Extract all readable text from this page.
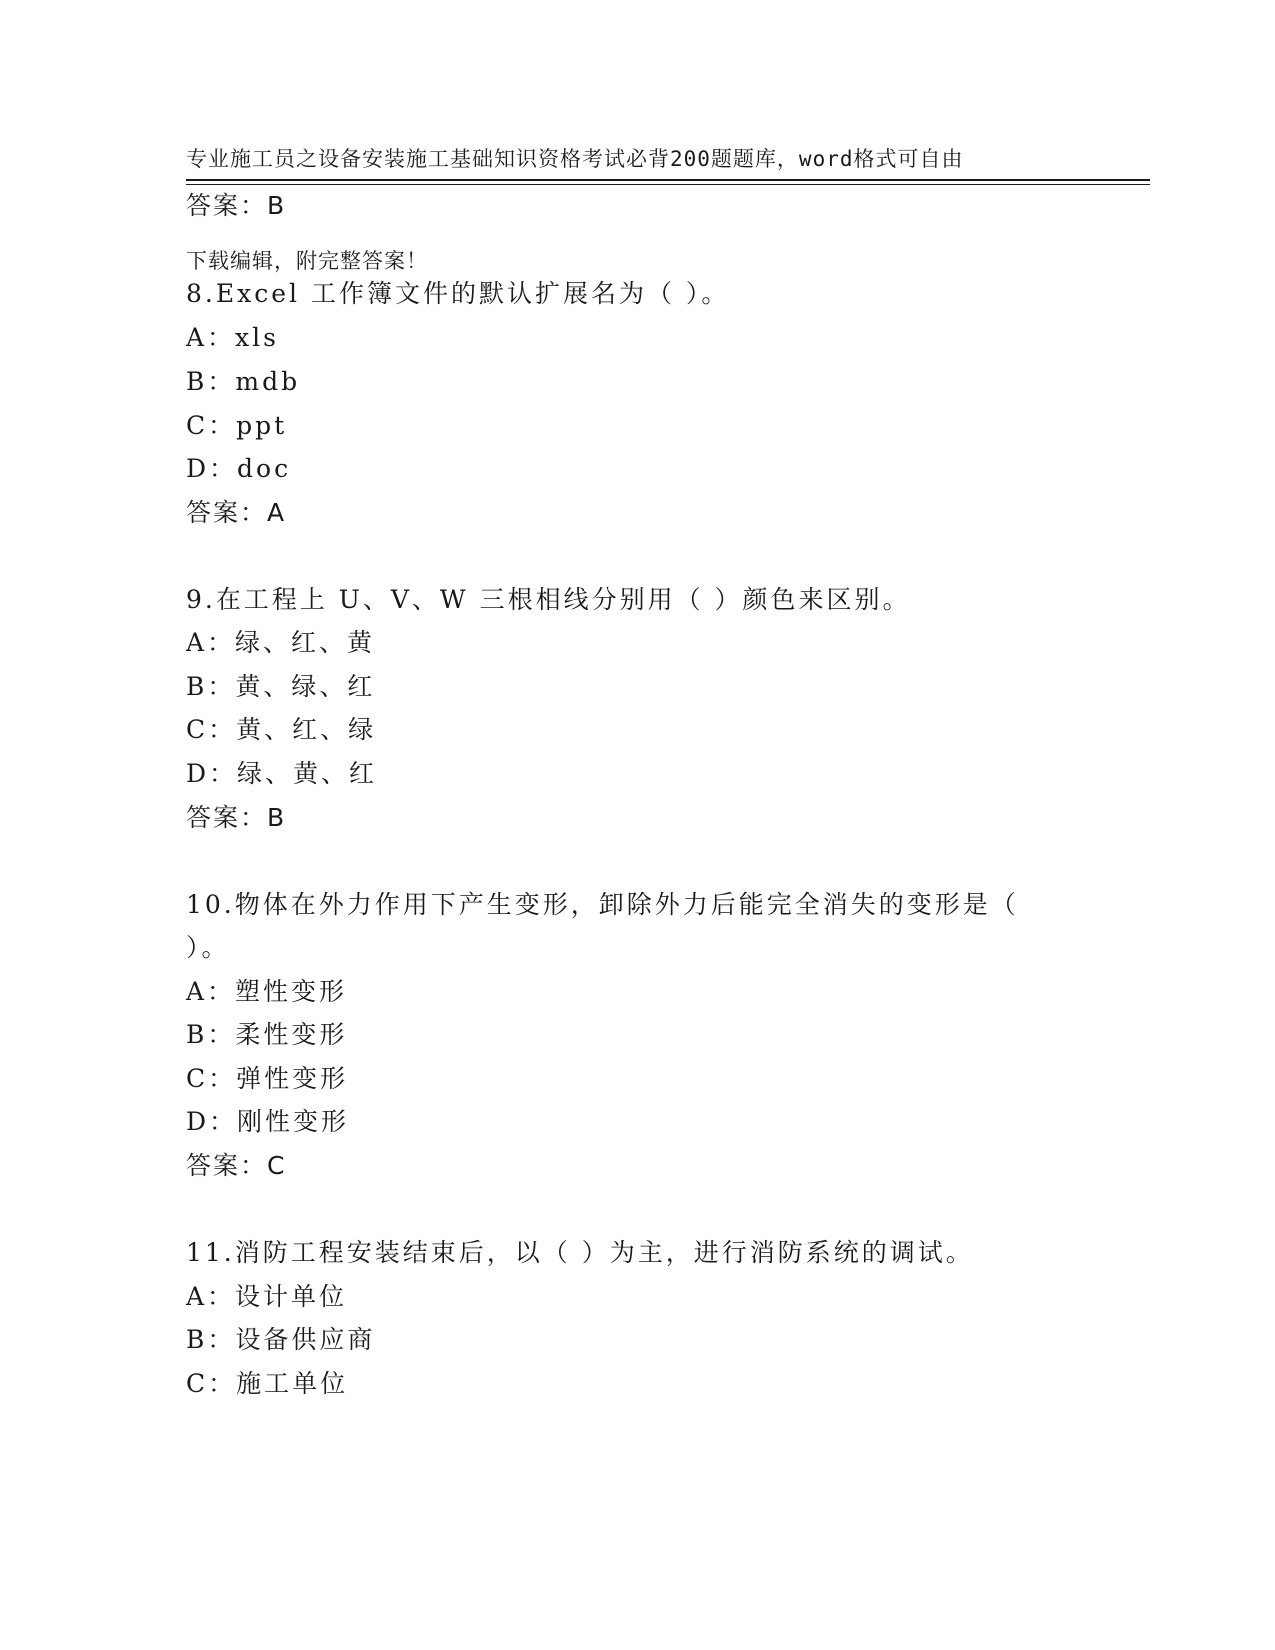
专业施工员之设备安装施工基础知识资格考试必背200题题库，word格式可自由

下载编辑，附完整答案！

答案：B
8.Excel 工作簿文件的默认扩展名为（ ）。
A：xls
B：mdb
C：ppt
D：doc
答案：A
9.在工程上 U、V、W 三根相线分别用（ ）颜色来区别。
A：绿、红、黄
B：黄、绿、红
C：黄、红、绿
D：绿、黄、红
答案：B
10.物体在外力作用下产生变形，卸除外力后能完全消失的变形是（
）。
A：塑性变形
B：柔性变形
C：弹性变形
D：刚性变形
答案：C
11.消防工程安装结束后，以（ ）为主，进行消防系统的调试。
A：设计单位
B：设备供应商
C：施工单位
